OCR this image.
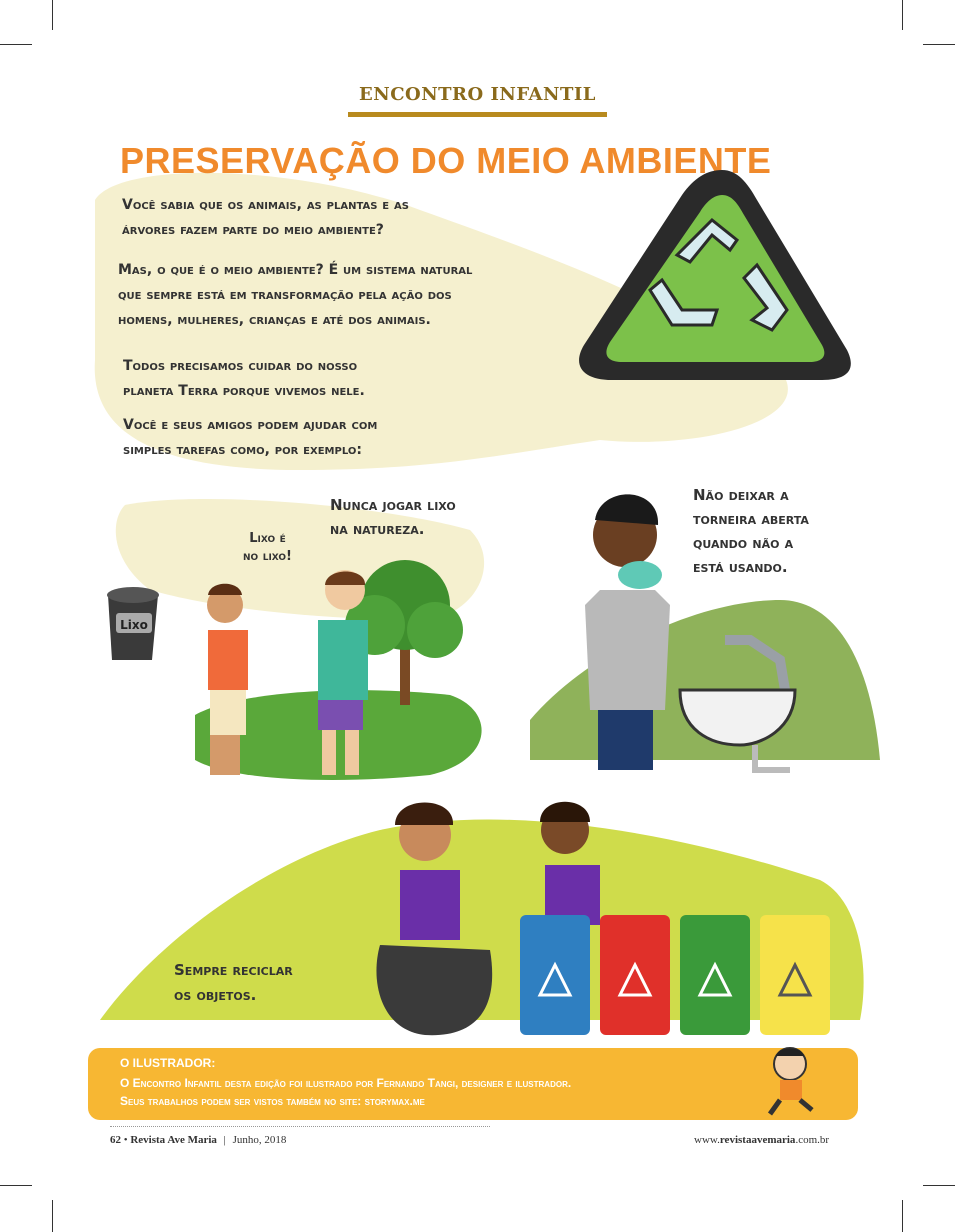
ENCONTRO INFANTIL
PRESERVAÇÃO DO MEIO AMBIENTE
Você sabia que os animais, as plantas e as
árvores fazem parte do meio ambiente?
Mas, o que é o meio ambiente? É um sistema natural
que sempre está em transformação pela ação dos
homens, mulheres, crianças e até dos animais.
Todos precisamos cuidar do nosso
planeta Terra porque vivemos nele.
Você e seus amigos podem ajudar com
simples tarefas como, por exemplo:
Lixo
Nunca jogar lixo
na natureza.
Lixo é
no lixo!
Não deixar a
torneira aberta
quando não a
está usando.
Sempre reciclar
os objetos.
O ILUSTRADOR:
O Encontro Infantil desta edição foi ilustrado por Fernando Tangi, designer e ilustrador.
Seus trabalhos podem ser vistos também no site: storymax.me
62 • Revista Ave Maria | Junho, 2018	www.revistaavemaria.com.br
